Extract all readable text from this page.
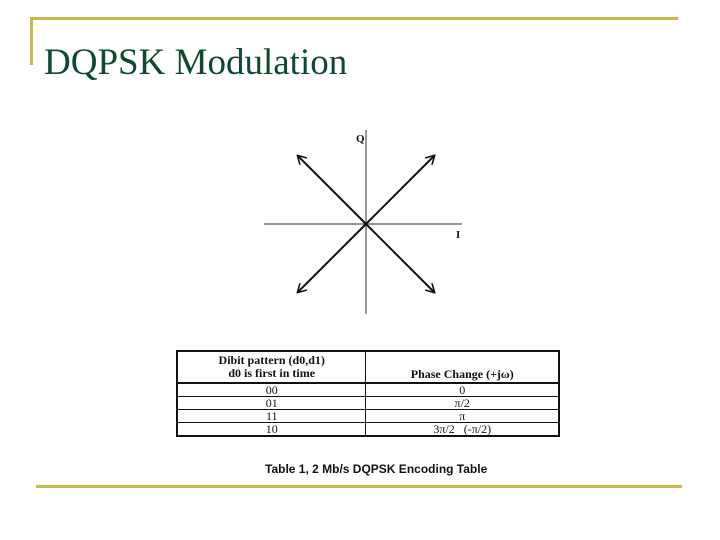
DQPSK Modulation
Q
I
Dibit pattern (d0,d1)
d0 is first in time	Phase Change (+jω)
00	0
01	π/2
11	π
10	3π/2   (-π/2)
Table 1, 2 Mb/s DQPSK Encoding Table
